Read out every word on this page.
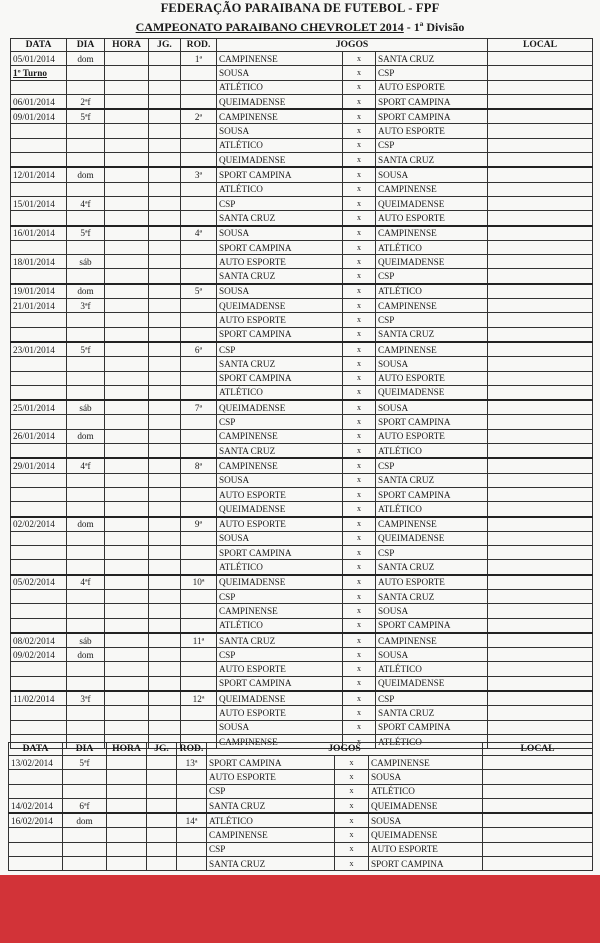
FEDERAÇÃO PARAIBANA DE FUTEBOL - FPF
CAMPEONATO PARAIBANO CHEVROLET 2014 - 1ª Divisão
DATA	DIA	HORA	JG.	ROD.	JOGOS			LOCAL
05/01/2014	dom			1ª	CAMPINENSE	x	SANTA CRUZ	
1º Turno					SOUSA	x	CSP	
					ATLÉTICO	x	AUTO ESPORTE	
06/01/2014	2ªf				QUEIMADENSE	x	SPORT CAMPINA	
09/01/2014	5ªf			2ª	CAMPINENSE	x	SPORT CAMPINA	
					SOUSA	x	AUTO ESPORTE	
					ATLÉTICO	x	CSP	
					QUEIMADENSE	x	SANTA CRUZ	
12/01/2014	dom			3ª	SPORT CAMPINA	x	SOUSA	
					ATLÉTICO	x	CAMPINENSE	
15/01/2014	4ªf				CSP	x	QUEIMADENSE	
					SANTA CRUZ	x	AUTO ESPORTE	
16/01/2014	5ªf			4ª	SOUSA	x	CAMPINENSE	
					SPORT CAMPINA	x	ATLÉTICO	
18/01/2014	sáb				AUTO ESPORTE	x	QUEIMADENSE	
					SANTA CRUZ	x	CSP	
19/01/2014	dom			5ª	SOUSA	x	ATLÉTICO	
21/01/2014	3ªf				QUEIMADENSE	x	CAMPINENSE	
					AUTO ESPORTE	x	CSP	
					SPORT CAMPINA	x	SANTA CRUZ	
23/01/2014	5ªf			6ª	CSP	x	CAMPINENSE	
					SANTA CRUZ	x	SOUSA	
					SPORT CAMPINA	x	AUTO ESPORTE	
					ATLÉTICO	x	QUEIMADENSE	
25/01/2014	sáb			7ª	QUEIMADENSE	x	SOUSA	
					CSP	x	SPORT CAMPINA	
26/01/2014	dom				CAMPINENSE	x	AUTO ESPORTE	
					SANTA CRUZ	x	ATLÉTICO	
29/01/2014	4ªf			8ª	CAMPINENSE	x	CSP	
					SOUSA	x	SANTA CRUZ	
					AUTO ESPORTE	x	SPORT CAMPINA	
					QUEIMADENSE	x	ATLÉTICO	
02/02/2014	dom			9ª	AUTO ESPORTE	x	CAMPINENSE	
					SOUSA	x	QUEIMADENSE	
					SPORT CAMPINA	x	CSP	
					ATLÉTICO	x	SANTA CRUZ	
05/02/2014	4ªf			10ª	QUEIMADENSE	x	AUTO ESPORTE	
					CSP	x	SANTA CRUZ	
					CAMPINENSE	x	SOUSA	
					ATLÉTICO	x	SPORT CAMPINA	
08/02/2014	sáb			11ª	SANTA CRUZ	x	CAMPINENSE	
09/02/2014	dom				CSP	x	SOUSA	
					AUTO ESPORTE	x	ATLÉTICO	
					SPORT CAMPINA	x	QUEIMADENSE	
11/02/2014	3ªf			12ª	QUEIMADENSE	x	CSP	
					AUTO ESPORTE	x	SANTA CRUZ	
					SOUSA	x	SPORT CAMPINA	
					CAMPINENSE	x	ATLÉTICO	
DATA	DIA	HORA	JG.	ROD.	JOGOS			LOCAL
13/02/2014	5ªf			13ª	SPORT CAMPINA	x	CAMPINENSE	
					AUTO ESPORTE	x	SOUSA	
					CSP	x	ATLÉTICO	
14/02/2014	6ªf				SANTA CRUZ	x	QUEIMADENSE	
16/02/2014	dom			14ª	ATLÉTICO	x	SOUSA	
					CAMPINENSE	x	QUEIMADENSE	
					CSP	x	AUTO ESPORTE	
					SANTA CRUZ	x	SPORT CAMPINA	
